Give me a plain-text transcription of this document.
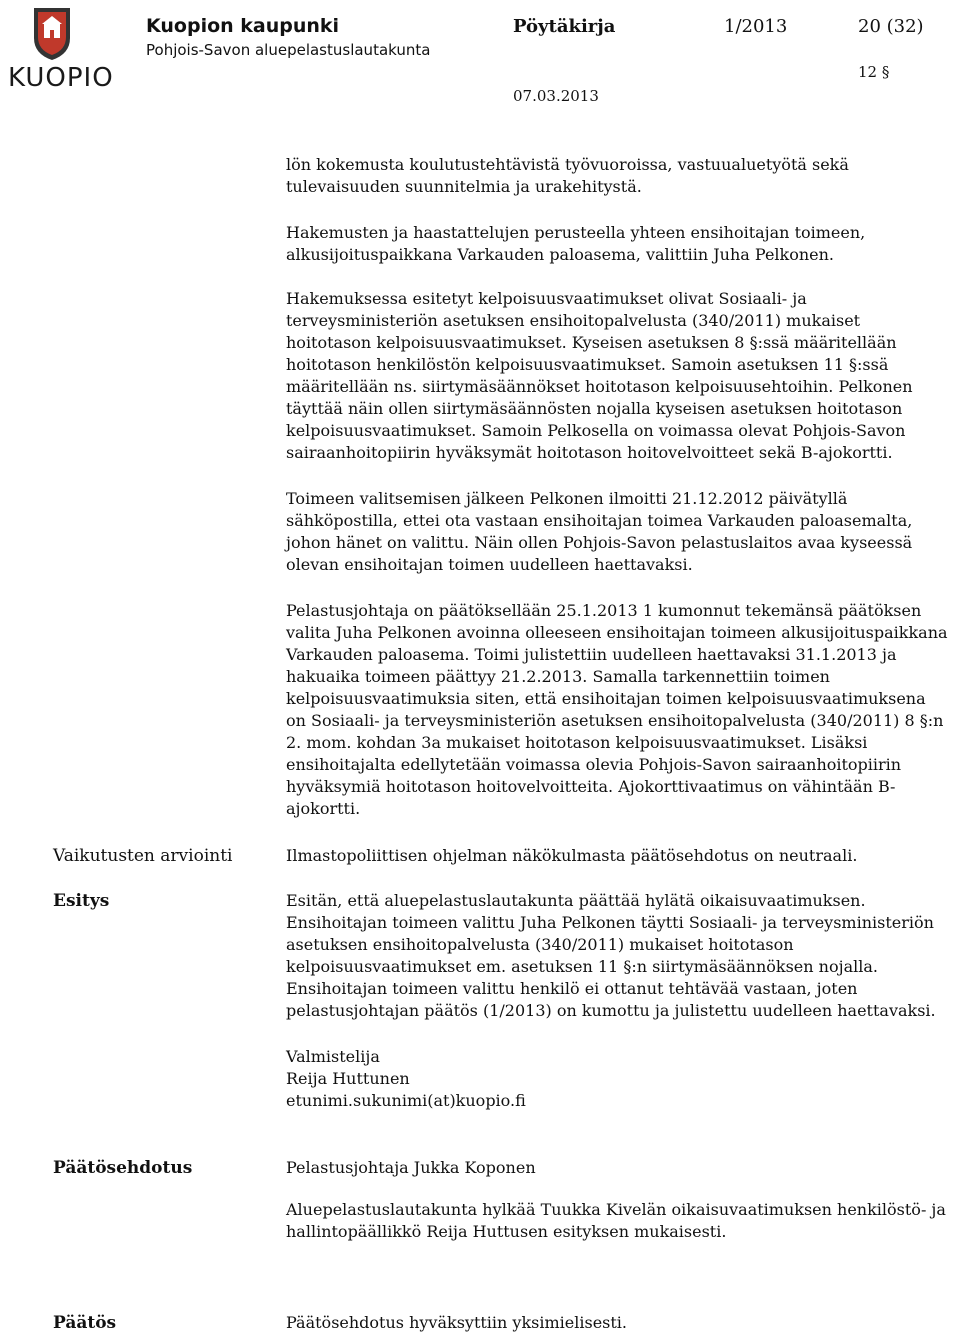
KUOPIO
Kuopion kaupunki
Pohjois-Savon aluepelastuslautakunta
Pöytäkirja	1/2013	20 (32)
12 §
07.03.2013

lön kokemusta koulutustehtävistä työvuoroissa, vastuualuetyötä sekä tulevaisuuden suunnitelmia ja urakehitystä.

Hakemusten ja haastattelujen perusteella yhteen ensihoitajan toimeen, alkusijoituspaikkana Varkauden paloasema, valittiin Juha Pelkonen.

Hakemuksessa esitetyt kelpoisuusvaatimukset olivat Sosiaali- ja terveysministeriön asetuksen ensihoitopalvelusta (340/2011) mukaiset hoitotason kelpoisuusvaatimukset. Kyseisen asetuksen 8 §:ssä määritellään hoitotason henkilöstön kelpoisuusvaatimukset. Samoin asetuksen 11 §:ssä määritellään ns. siirtymäsäännökset hoitotason kelpoisuusehtoihin. Pelkonen täyttää näin ollen siirtymäsäännösten nojalla kyseisen asetuksen hoitotason kelpoisuusvaatimukset. Samoin Pelkosella on voimassa olevat Pohjois-Savon sairaanhoitopiirin hyväksymät hoitotason hoitovelvoitteet sekä B-ajokortti.

Toimeen valitsemisen jälkeen Pelkonen ilmoitti 21.12.2012 päivätyllä sähköpostilla, ettei ota vastaan ensihoitajan toimea Varkauden paloasemalta, johon hänet on valittu. Näin ollen Pohjois-Savon pelastuslaitos avaa kyseessä olevan ensihoitajan toimen uudelleen haettavaksi.

Pelastusjohtaja on päätöksellään 25.1.2013 1 kumonnut tekemänsä päätöksen valita Juha Pelkonen avoinna olleeseen ensihoitajan toimeen alkusijoituspaikkana Varkauden paloasema. Toimi julistettiin uudelleen haettavaksi 31.1.2013 ja hakuaika toimeen päättyy 21.2.2013. Samalla tarkennettiin toimen kelpoisuusvaatimuksia siten, että ensihoitajan toimen kelpoisuusvaatimuksena on Sosiaali- ja terveysministeriön asetuksen ensihoitopalvelusta (340/2011) 8 §:n 2. mom. kohdan 3a mukaiset hoitotason kelpoisuusvaatimukset. Lisäksi ensihoitajalta edellytetään voimassa olevia Pohjois-Savon sairaanhoitopiirin hyväksymiä hoitotason hoitovelvoitteita. Ajokorttivaatimus on vähintään B-ajokortti.

Vaikutusten arviointi	Ilmastopoliittisen ohjelman näkökulmasta päätösehdotus on neutraali.
Esitys	Esitän, että aluepelastuslautakunta päättää hylätä oikaisuvaatimuksen. Ensihoitajan toimeen valittu Juha Pelkonen täytti Sosiaali- ja terveysministeriön asetuksen ensihoitopalvelusta (340/2011) mukaiset hoitotason kelpoisuusvaatimukset em. asetuksen 11 §:n siirtymäsäännöksen nojalla. Ensihoitajan toimeen valittu henkilö ei ottanut tehtävää vastaan, joten pelastusjohtajan päätös (1/2013) on kumottu ja julistettu uudelleen haettavaksi.

Valmistelija

Reija Huttunen

etunimi.sukunimi(at)kuopio.fi

Päätösehdotus	Pelastusjohtaja Jukka Koponen
Aluepelastuslautakunta hylkää Tuukka Kivelän oikaisuvaatimuksen henkilöstö- ja hallintopäällikkö Reija Huttusen esityksen mukaisesti.
Päätös	Päätösehdotus hyväksyttiin yksimielisesti.
